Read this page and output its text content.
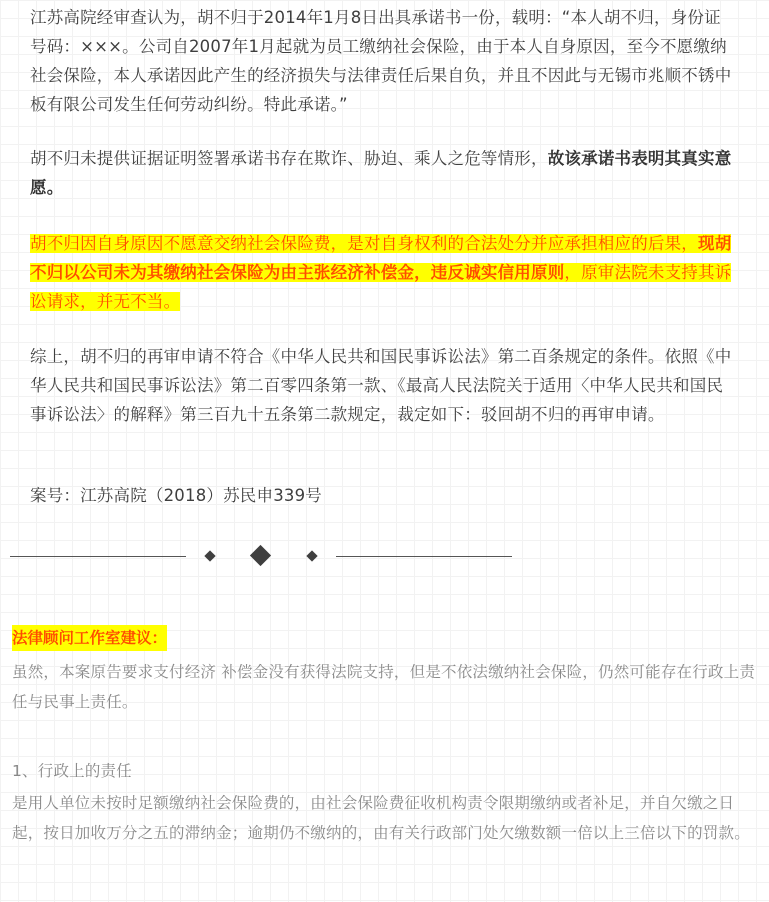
江苏高院经审查认为，胡不归于2014年1月8日出具承诺书一份，载明：“本人胡不归，身份证号码：×××。公司自2007年1月起就为员工缴纳社会保险，由于本人自身原因，至今不愿缴纳社会保险，本人承诺因此产生的经济损失与法律责任后果自负，并且不因此与无锡市兆顺不锈中板有限公司发生任何劳动纠纷。特此承诺。”

胡不归未提供证据证明签署承诺书存在欺诈、胁迫、乘人之危等情形，故该承诺书表明其真实意愿。

胡不归因自身原因不愿意交纳社会保险费，是对自身权利的合法处分并应承担相应的后果，现胡不归以公司未为其缴纳社会保险为由主张经济补偿金，违反诚实信用原则，原审法院未支持其诉讼请求，并无不当。

综上，胡不归的再审申请不符合《中华人民共和国民事诉讼法》第二百条规定的条件。依照《中华人民共和国民事诉讼法》第二百零四条第一款、《最高人民法院关于适用〈中华人民共和国民事诉讼法〉的解释》第三百九十五条第二款规定，裁定如下：驳回胡不归的再审申请。

案号：江苏高院（2018）苏民申339号

法律顾问工作室建议：

虽然，本案原告要求支付经济 补偿金没有获得法院支持，但是不依法缴纳社会保险，仍然可能存在行政上责任与民事上责任。

1、行政上的责任

是用人单位未按时足额缴纳社会保险费的，由社会保险费征收机构责令限期缴纳或者补足，并自欠缴之日起，按日加收万分之五的滞纳金；逾期仍不缴纳的，由有关行政部门处欠缴数额一倍以上三倍以下的罚款。
